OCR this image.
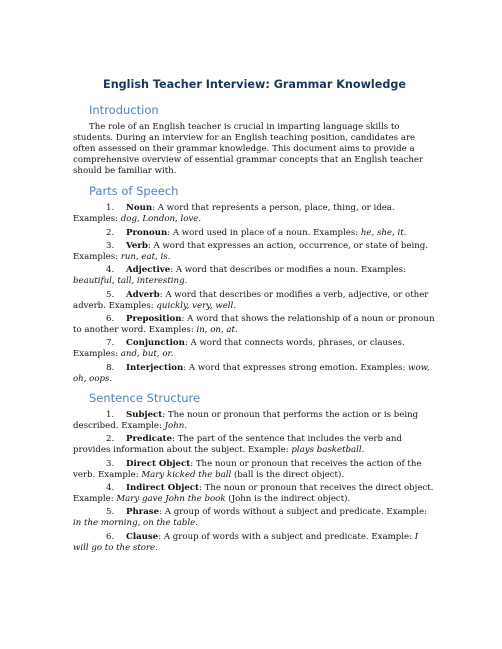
English Teacher Interview: Grammar Knowledge
Introduction

The role of an English teacher is crucial in imparting language skills to students. During an interview for an English teaching position, candidates are often assessed on their grammar knowledge. This document aims to provide a comprehensive overview of essential grammar concepts that an English teacher should be familiar with.

Parts of Speech
1. Noun: A word that represents a person, place, thing, or idea. Examples: dog, London, love.
2. Pronoun: A word used in place of a noun. Examples: he, she, it.
3. Verb: A word that expresses an action, occurrence, or state of being. Examples: run, eat, is.
4. Adjective: A word that describes or modifies a noun. Examples: beautiful, tall, interesting.
5. Adverb: A word that describes or modifies a verb, adjective, or other adverb. Examples: quickly, very, well.
6. Preposition: A word that shows the relationship of a noun or pronoun to another word. Examples: in, on, at.
7. Conjunction: A word that connects words, phrases, or clauses. Examples: and, but, or.
8. Interjection: A word that expresses strong emotion. Examples: wow, oh, oops.
Sentence Structure
1. Subject: The noun or pronoun that performs the action or is being described. Example: John.
2. Predicate: The part of the sentence that includes the verb and provides information about the subject. Example: plays basketball.
3. Direct Object: The noun or pronoun that receives the action of the verb. Example: Mary kicked the ball (ball is the direct object).
4. Indirect Object: The noun or pronoun that receives the direct object. Example: Mary gave John the book (John is the indirect object).
5. Phrase: A group of words without a subject and predicate. Example: in the morning, on the table.
6. Clause: A group of words with a subject and predicate. Example: I will go to the store.
